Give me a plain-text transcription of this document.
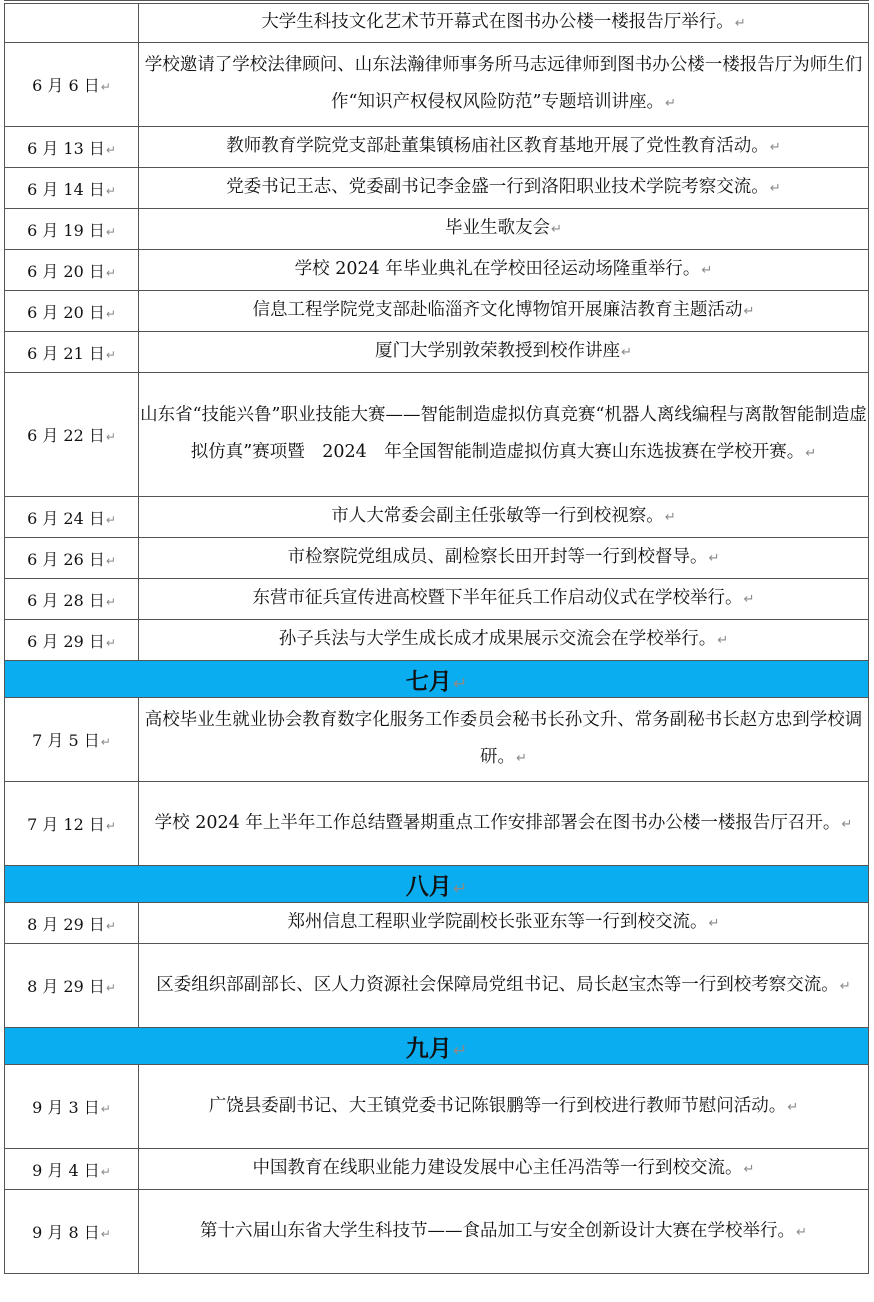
	大学生科技文化艺术节开幕式在图书办公楼一楼报告厅举行。↵
6 月 6 日↵	学校邀请了学校法律顾问、山东法瀚律师事务所马志远律师到图书办公楼一楼报告厅为师生们作“知识产权侵权风险防范”专题培训讲座。↵
6 月 13 日↵	教师教育学院党支部赴董集镇杨庙社区教育基地开展了党性教育活动。↵
6 月 14 日↵	党委书记王志、党委副书记李金盛一行到洛阳职业技术学院考察交流。↵
6 月 19 日↵	毕业生歌友会↵
6 月 20 日↵	学校 2024 年毕业典礼在学校田径运动场隆重举行。↵
6 月 20 日↵	信息工程学院党支部赴临淄齐文化博物馆开展廉洁教育主题活动↵
6 月 21 日↵	厦门大学别敦荣教授到校作讲座↵
6 月 22 日↵	山东省“技能兴鲁”职业技能大赛——智能制造虚拟仿真竞赛“机器人离线编程与离散智能制造虚拟仿真”赛项暨　2024　年全国智能制造虚拟仿真大赛山东选拔赛在学校开赛。↵
6 月 24 日↵	市人大常委会副主任张敏等一行到校视察。↵
6 月 26 日↵	市检察院党组成员、副检察长田开封等一行到校督导。↵
6 月 28 日↵	东营市征兵宣传进高校暨下半年征兵工作启动仪式在学校举行。↵
6 月 29 日↵	孙子兵法与大学生成长成才成果展示交流会在学校举行。↵
七月↵	
7 月 5 日↵	高校毕业生就业协会教育数字化服务工作委员会秘书长孙文升、常务副秘书长赵方忠到学校调研。↵
7 月 12 日↵	学校 2024 年上半年工作总结暨暑期重点工作安排部署会在图书办公楼一楼报告厅召开。↵
八月↵	
8 月 29 日↵	郑州信息工程职业学院副校长张亚东等一行到校交流。↵
8 月 29 日↵	区委组织部副部长、区人力资源社会保障局党组书记、局长赵宝杰等一行到校考察交流。↵
九月↵	
9 月 3 日↵	广饶县委副书记、大王镇党委书记陈银鹏等一行到校进行教师节慰问活动。↵
9 月 4 日↵	中国教育在线职业能力建设发展中心主任冯浩等一行到校交流。↵
9 月 8 日↵	第十六届山东省大学生科技节——食品加工与安全创新设计大赛在学校举行。↵
